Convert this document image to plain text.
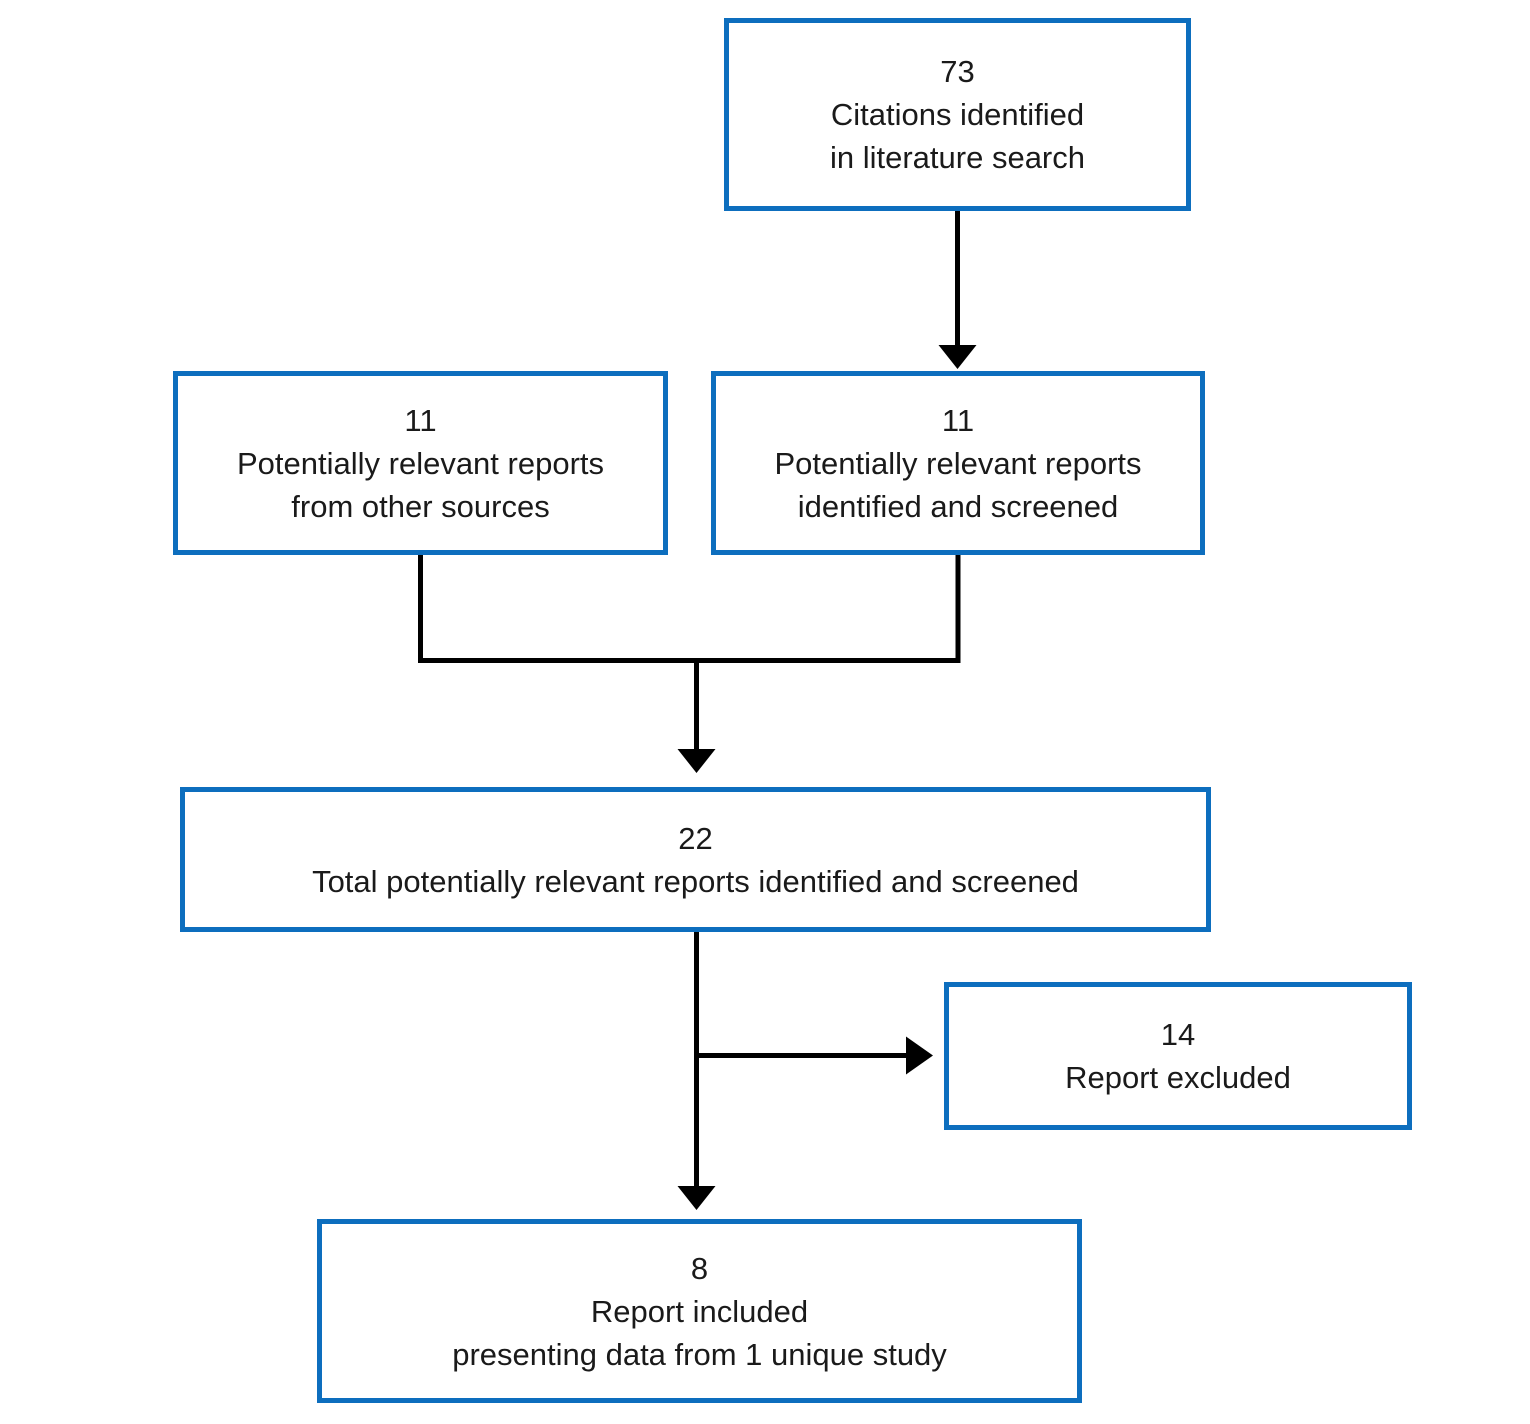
73
Citations identified
in literature search
11
Potentially relevant reports
from other sources
11
Potentially relevant reports
identified and screened
22
Total potentially relevant reports identified and screened
14
Report excluded
8
Report included
presenting data from 1 unique study
